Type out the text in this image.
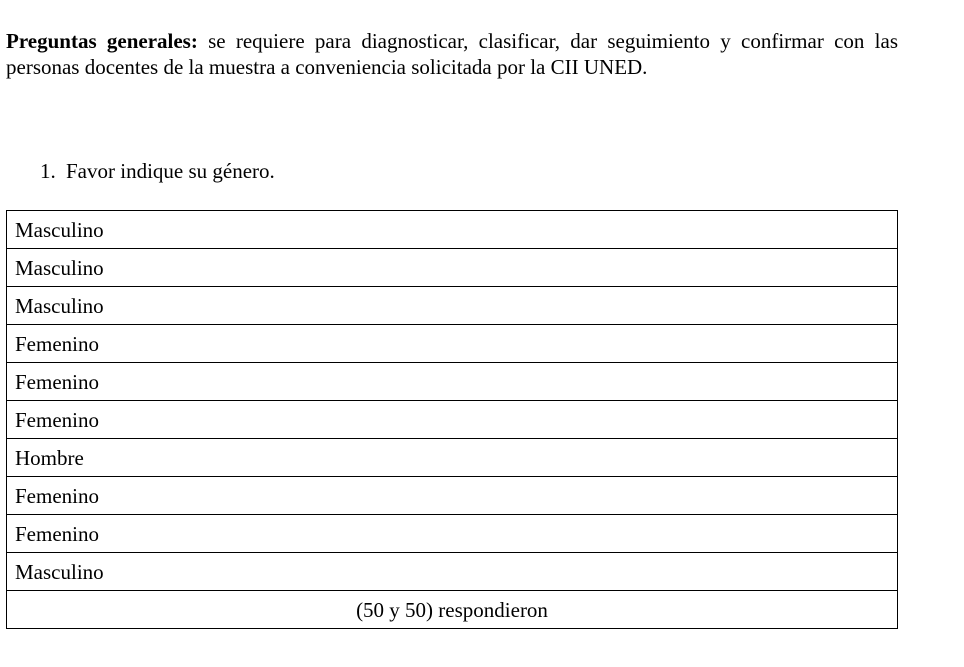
Preguntas generales: se requiere para diagnosticar, clasificar, dar seguimiento y confirmar con las personas docentes de la muestra a conveniencia solicitada por la CII UNED.

1. Favor indique su género.

Masculino
Masculino
Masculino
Femenino
Femenino
Femenino
Hombre
Femenino
Femenino
Masculino
(50 y 50) respondieron
